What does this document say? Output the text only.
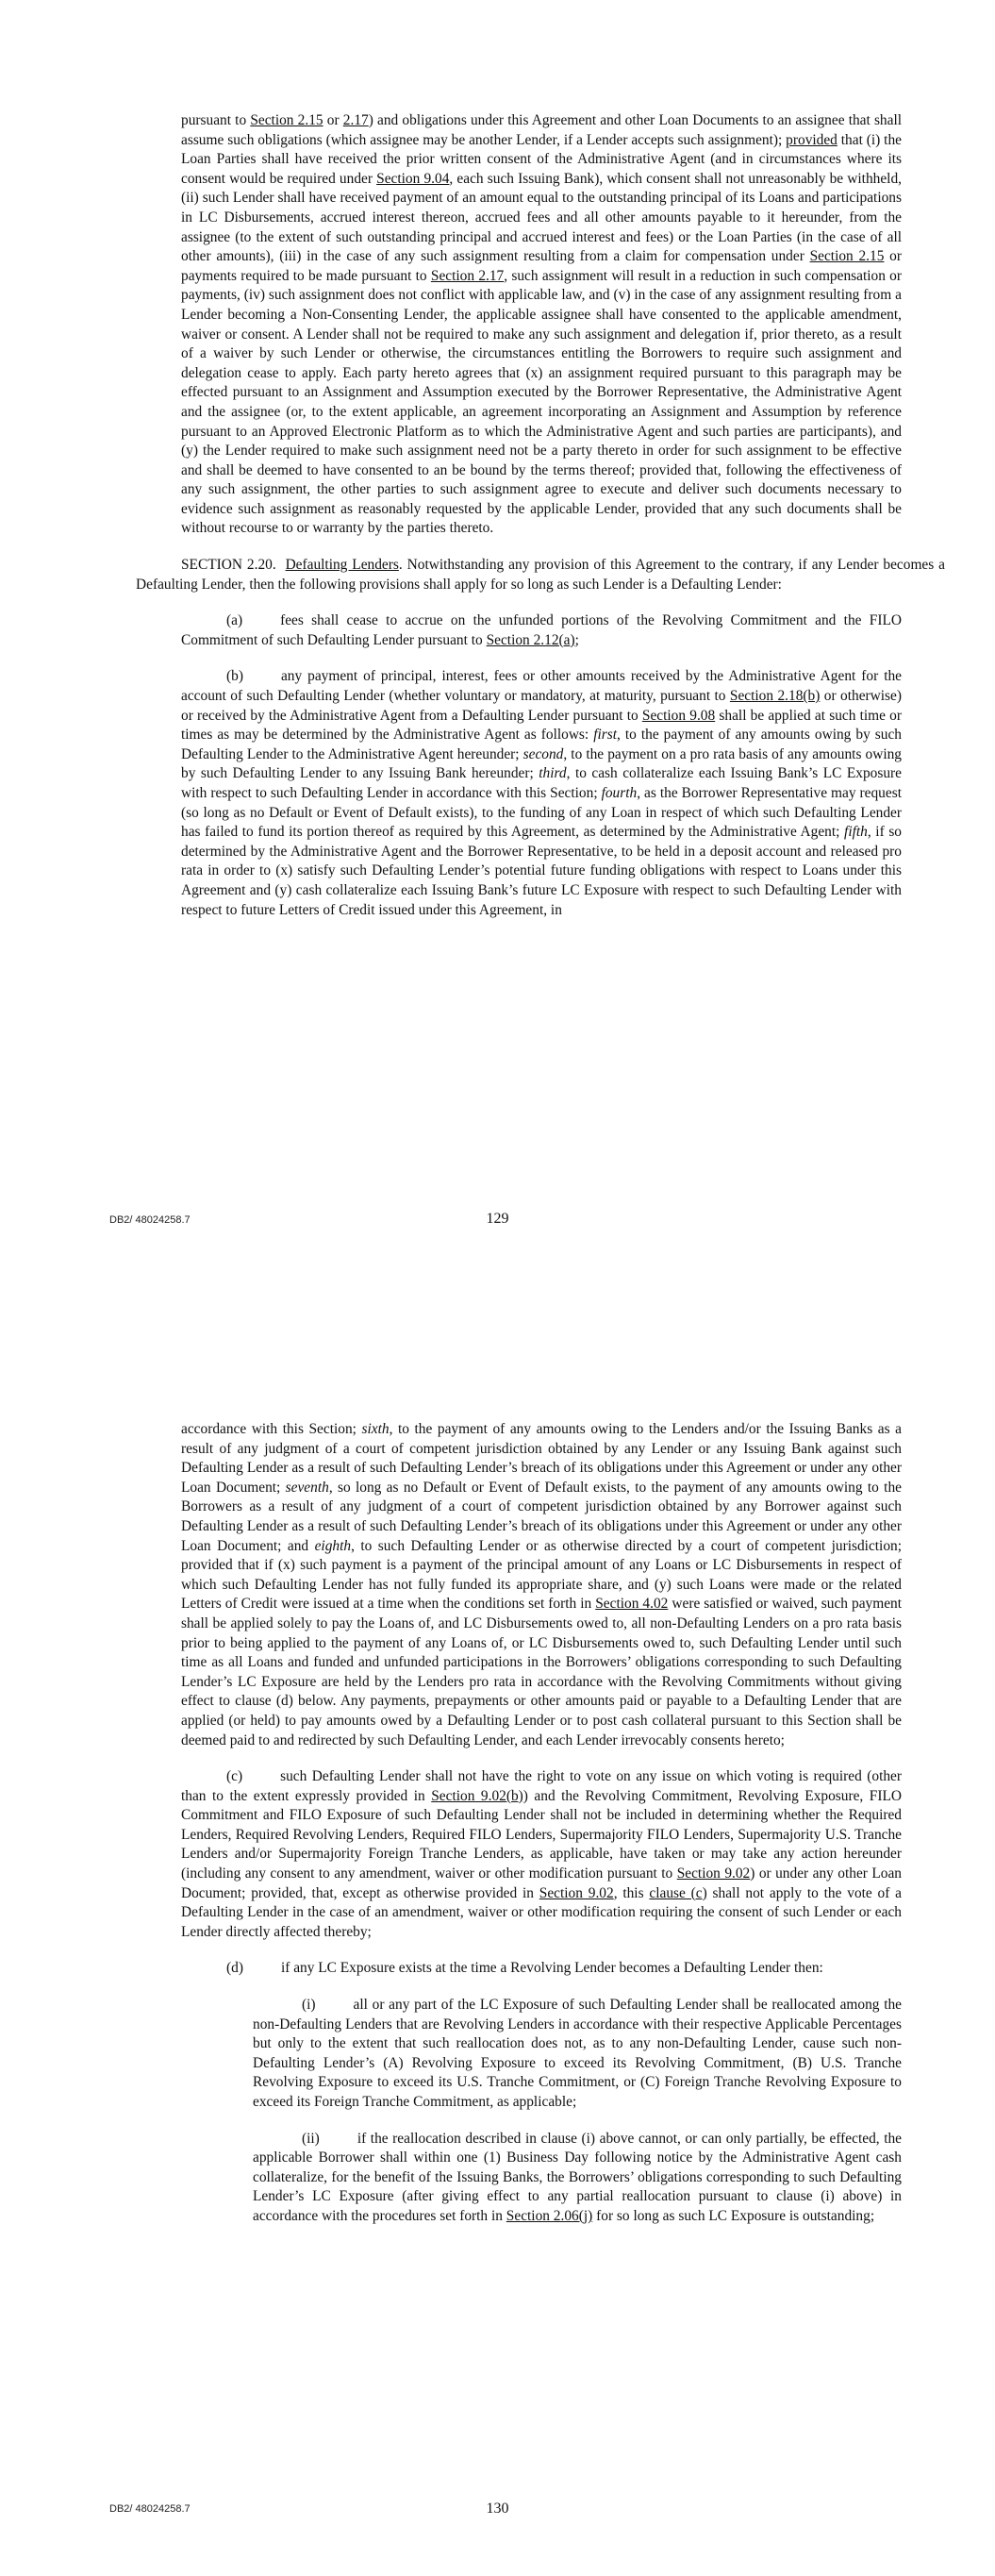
pursuant to Section 2.15 or 2.17) and obligations under this Agreement and other Loan Documents to an assignee that shall assume such obligations (which assignee may be another Lender, if a Lender accepts such assignment); provided that (i) the Loan Parties shall have received the prior written consent of the Administrative Agent (and in circumstances where its consent would be required under Section 9.04, each such Issuing Bank), which consent shall not unreasonably be withheld, (ii) such Lender shall have received payment of an amount equal to the outstanding principal of its Loans and participations in LC Disbursements, accrued interest thereon, accrued fees and all other amounts payable to it hereunder, from the assignee (to the extent of such outstanding principal and accrued interest and fees) or the Loan Parties (in the case of all other amounts), (iii) in the case of any such assignment resulting from a claim for compensation under Section 2.15 or payments required to be made pursuant to Section 2.17, such assignment will result in a reduction in such compensation or payments, (iv) such assignment does not conflict with applicable law, and (v) in the case of any assignment resulting from a Lender becoming a Non-Consenting Lender, the applicable assignee shall have consented to the applicable amendment, waiver or consent. A Lender shall not be required to make any such assignment and delegation if, prior thereto, as a result of a waiver by such Lender or otherwise, the circumstances entitling the Borrowers to require such assignment and delegation cease to apply. Each party hereto agrees that (x) an assignment required pursuant to this paragraph may be effected pursuant to an Assignment and Assumption executed by the Borrower Representative, the Administrative Agent and the assignee (or, to the extent applicable, an agreement incorporating an Assignment and Assumption by reference pursuant to an Approved Electronic Platform as to which the Administrative Agent and such parties are participants), and (y) the Lender required to make such assignment need not be a party thereto in order for such assignment to be effective and shall be deemed to have consented to an be bound by the terms thereof; provided that, following the effectiveness of any such assignment, the other parties to such assignment agree to execute and deliver such documents necessary to evidence such assignment as reasonably requested by the applicable Lender, provided that any such documents shall be without recourse to or warranty by the parties thereto.

SECTION 2.20. Defaulting Lenders. Notwithstanding any provision of this Agreement to the contrary, if any Lender becomes a Defaulting Lender, then the following provisions shall apply for so long as such Lender is a Defaulting Lender:

(a)	fees shall cease to accrue on the unfunded portions of the Revolving Commitment and the FILO Commitment of such Defaulting Lender pursuant to Section 2.12(a);

(b)	any payment of principal, interest, fees or other amounts received by the Administrative Agent for the account of such Defaulting Lender (whether voluntary or mandatory, at maturity, pursuant to Section 2.18(b) or otherwise) or received by the Administrative Agent from a Defaulting Lender pursuant to Section 9.08 shall be applied at such time or times as may be determined by the Administrative Agent as follows: first, to the payment of any amounts owing by such Defaulting Lender to the Administrative Agent hereunder; second, to the payment on a pro rata basis of any amounts owing by such Defaulting Lender to any Issuing Bank hereunder; third, to cash collateralize each Issuing Bank’s LC Exposure with respect to such Defaulting Lender in accordance with this Section; fourth, as the Borrower Representative may request (so long as no Default or Event of Default exists), to the funding of any Loan in respect of which such Defaulting Lender has failed to fund its portion thereof as required by this Agreement, as determined by the Administrative Agent; fifth, if so determined by the Administrative Agent and the Borrower Representative, to be held in a deposit account and released pro rata in order to (x) satisfy such Defaulting Lender’s potential future funding obligations with respect to Loans under this Agreement and (y) cash collateralize each Issuing Bank’s future LC Exposure with respect to such Defaulting Lender with respect to future Letters of Credit issued under this Agreement, in

DB2/ 48024258.7	129

accordance with this Section; sixth, to the payment of any amounts owing to the Lenders and/or the Issuing Banks as a result of any judgment of a court of competent jurisdiction obtained by any Lender or any Issuing Bank against such Defaulting Lender as a result of such Defaulting Lender’s breach of its obligations under this Agreement or under any other Loan Document; seventh, so long as no Default or Event of Default exists, to the payment of any amounts owing to the Borrowers as a result of any judgment of a court of competent jurisdiction obtained by any Borrower against such Defaulting Lender as a result of such Defaulting Lender’s breach of its obligations under this Agreement or under any other Loan Document; and eighth, to such Defaulting Lender or as otherwise directed by a court of competent jurisdiction; provided that if (x) such payment is a payment of the principal amount of any Loans or LC Disbursements in respect of which such Defaulting Lender has not fully funded its appropriate share, and (y) such Loans were made or the related Letters of Credit were issued at a time when the conditions set forth in Section 4.02 were satisfied or waived, such payment shall be applied solely to pay the Loans of, and LC Disbursements owed to, all non-Defaulting Lenders on a pro rata basis prior to being applied to the payment of any Loans of, or LC Disbursements owed to, such Defaulting Lender until such time as all Loans and funded and unfunded participations in the Borrowers’ obligations corresponding to such Defaulting Lender’s LC Exposure are held by the Lenders pro rata in accordance with the Revolving Commitments without giving effect to clause (d) below. Any payments, prepayments or other amounts paid or payable to a Defaulting Lender that are applied (or held) to pay amounts owed by a Defaulting Lender or to post cash collateral pursuant to this Section shall be deemed paid to and redirected by such Defaulting Lender, and each Lender irrevocably consents hereto;

(c)	such Defaulting Lender shall not have the right to vote on any issue on which voting is required (other than to the extent expressly provided in Section 9.02(b)) and the Revolving Commitment, Revolving Exposure, FILO Commitment and FILO Exposure of such Defaulting Lender shall not be included in determining whether the Required Lenders, Required Revolving Lenders, Required FILO Lenders, Supermajority FILO Lenders, Supermajority U.S. Tranche Lenders and/or Supermajority Foreign Tranche Lenders, as applicable, have taken or may take any action hereunder (including any consent to any amendment, waiver or other modification pursuant to Section 9.02) or under any other Loan Document; provided, that, except as otherwise provided in Section 9.02, this clause (c) shall not apply to the vote of a Defaulting Lender in the case of an amendment, waiver or other modification requiring the consent of such Lender or each Lender directly affected thereby;

(d)	if any LC Exposure exists at the time a Revolving Lender becomes a Defaulting Lender then:

(i)	all or any part of the LC Exposure of such Defaulting Lender shall be reallocated among the non-Defaulting Lenders that are Revolving Lenders in accordance with their respective Applicable Percentages but only to the extent that such reallocation does not, as to any non-Defaulting Lender, cause such non-Defaulting Lender’s (A) Revolving Exposure to exceed its Revolving Commitment, (B) U.S. Tranche Revolving Exposure to exceed its U.S. Tranche Commitment, or (C) Foreign Tranche Revolving Exposure to exceed its Foreign Tranche Commitment, as applicable;

(ii)	if the reallocation described in clause (i) above cannot, or can only partially, be effected, the applicable Borrower shall within one (1) Business Day following notice by the Administrative Agent cash collateralize, for the benefit of the Issuing Banks, the Borrowers’ obligations corresponding to such Defaulting Lender’s LC Exposure (after giving effect to any partial reallocation pursuant to clause (i) above) in accordance with the procedures set forth in Section 2.06(j) for so long as such LC Exposure is outstanding;

DB2/ 48024258.7	130
